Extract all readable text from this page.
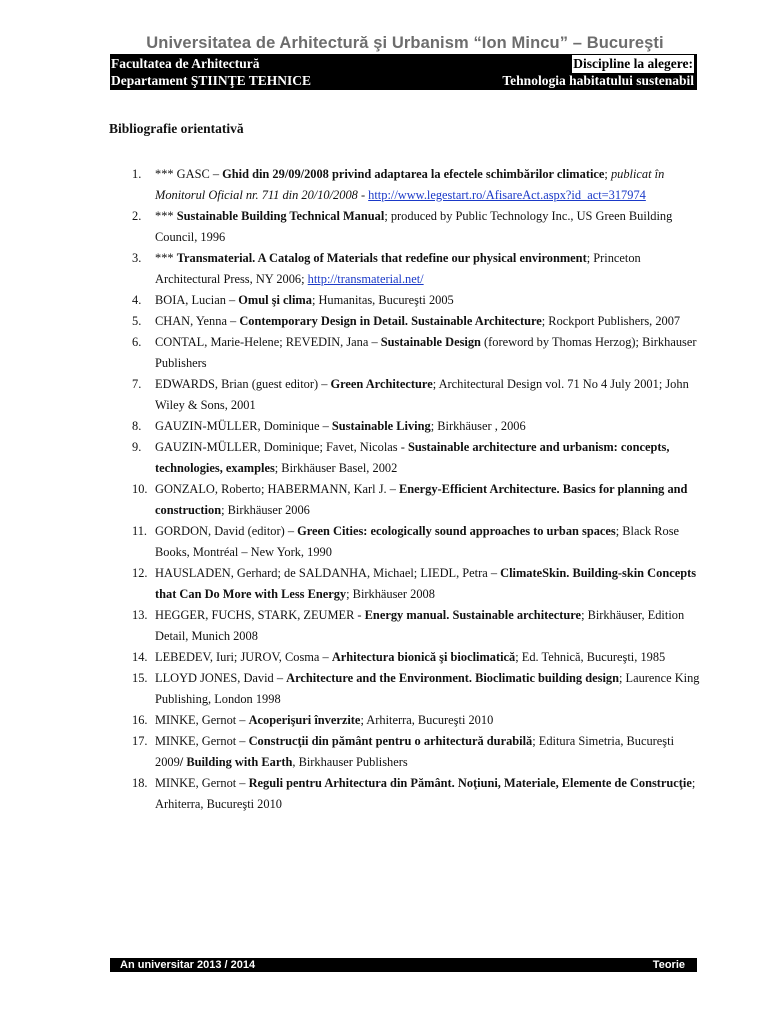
Universitatea de Arhitectură şi Urbanism “Ion Mincu” – Bucureşti
Facultatea de Arhitectură	Discipline la alegere:
Departament ŞTIINŢE TEHNICE	Tehnologia habitatului sustenabil
Bibliografie orientativă
1. *** GASC – Ghid din 29/09/2008 privind adaptarea la efectele schimbărilor climatice; publicat în Monitorul Oficial nr. 711 din 20/10/2008 - http://www.legestart.ro/AfisareAct.aspx?id_act=317974
2. *** Sustainable Building Technical Manual; produced by Public Technology Inc., US Green Building Council, 1996
3. *** Transmaterial. A Catalog of Materials that redefine our physical environment; Princeton Architectural Press, NY 2006; http://transmaterial.net/
4. BOIA, Lucian – Omul şi clima; Humanitas, Bucureşti 2005
5. CHAN, Yenna – Contemporary Design in Detail. Sustainable Architecture; Rockport Publishers, 2007
6. CONTAL, Marie-Helene; REVEDIN, Jana – Sustainable Design (foreword by Thomas Herzog); Birkhauser Publishers
7. EDWARDS, Brian (guest editor) – Green Architecture; Architectural Design vol. 71 No 4 July 2001; John Wiley & Sons, 2001
8. GAUZIN-MÜLLER, Dominique – Sustainable Living; Birkhäuser , 2006
9. GAUZIN-MÜLLER, Dominique; Favet, Nicolas - Sustainable architecture and urbanism: concepts, technologies, examples; Birkhäuser Basel, 2002
10. GONZALO, Roberto; HABERMANN, Karl J. – Energy-Efficient Architecture. Basics for planning and construction; Birkhäuser 2006
11. GORDON, David (editor) – Green Cities: ecologically sound approaches to urban spaces; Black Rose Books, Montréal – New York, 1990
12. HAUSLADEN, Gerhard; de SALDANHA, Michael; LIEDL, Petra – ClimateSkin. Building-skin Concepts that Can Do More with Less Energy; Birkhäuser 2008
13. HEGGER, FUCHS, STARK, ZEUMER - Energy manual. Sustainable architecture; Birkhäuser, Edition Detail, Munich 2008
14. LEBEDEV, Iuri; JUROV, Cosma – Arhitectura bionică şi bioclimatică; Ed. Tehnică, Bucureşti, 1985
15. LLOYD JONES, David – Architecture and the Environment. Bioclimatic building design; Laurence King Publishing, London 1998
16. MINKE, Gernot – Acoperişuri înverzite; Arhiterra, Bucureşti 2010
17. MINKE, Gernot – Construcţii din pământ pentru o arhitectură durabilă; Editura Simetria, Bucureşti 2009/ Building with Earth, Birkhauser Publishers
18. MINKE, Gernot – Reguli pentru Arhitectura din Pământ. Noţiuni, Materiale, Elemente de Construcţie; Arhiterra, Bucureşti 2010
An universitar 2013 / 2014	Teorie
